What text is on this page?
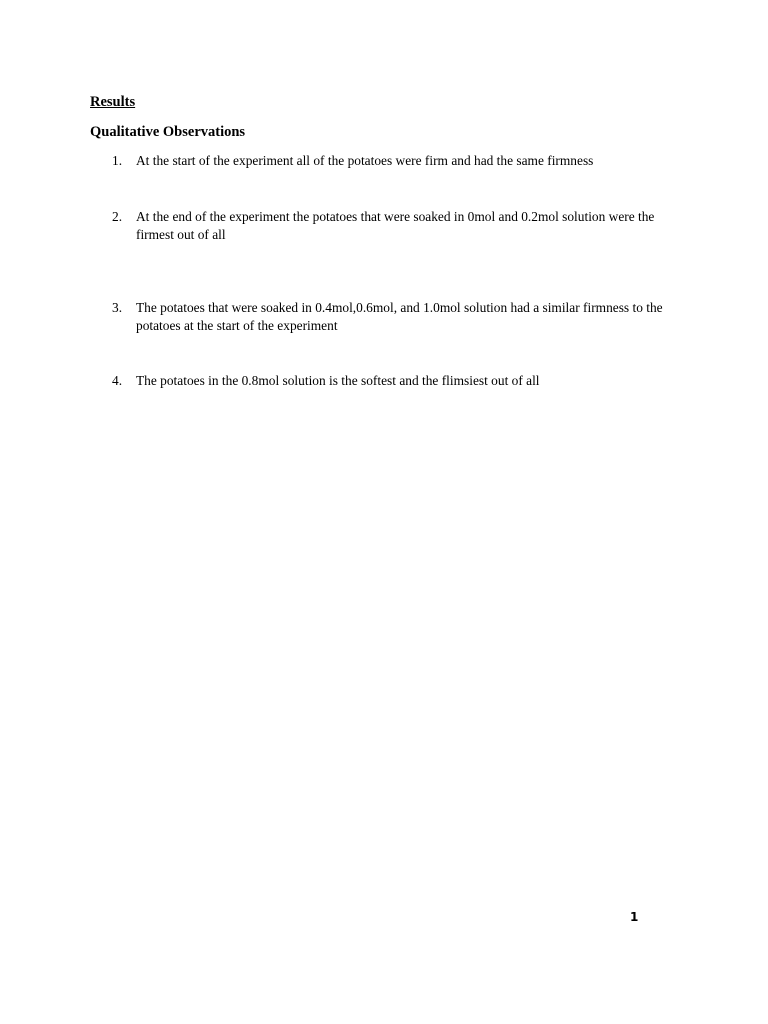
Results
Qualitative Observations
1.	At the start of the experiment all of the potatoes were firm and had the same firmness
2.	At the end of the experiment the potatoes that were soaked in 0mol and 0.2mol solution were the firmest out of all
3.	The potatoes that were soaked in 0.4mol,0.6mol, and 1.0mol solution had a similar firmness to the potatoes at the start of the experiment
4.	The potatoes in the 0.8mol solution is the softest and the flimsiest out of all
1
